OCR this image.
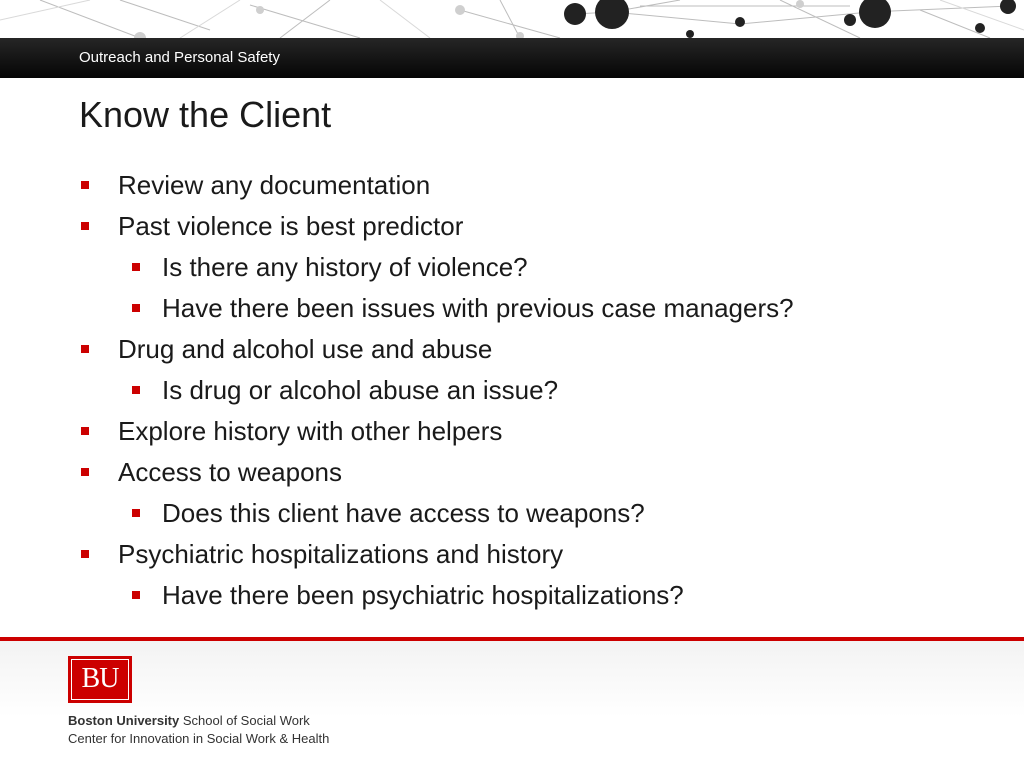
Outreach and Personal Safety
Know the Client
Review any documentation
Past violence is best predictor
Is there any history of violence?
Have there been issues with previous case managers?
Drug and alcohol use and abuse
Is drug or alcohol abuse an issue?
Explore history with other helpers
Access to weapons
Does this client have access to weapons?
Psychiatric hospitalizations and history
Have there been psychiatric hospitalizations?
BU
Boston University School of Social Work
Center for Innovation in Social Work & Health
